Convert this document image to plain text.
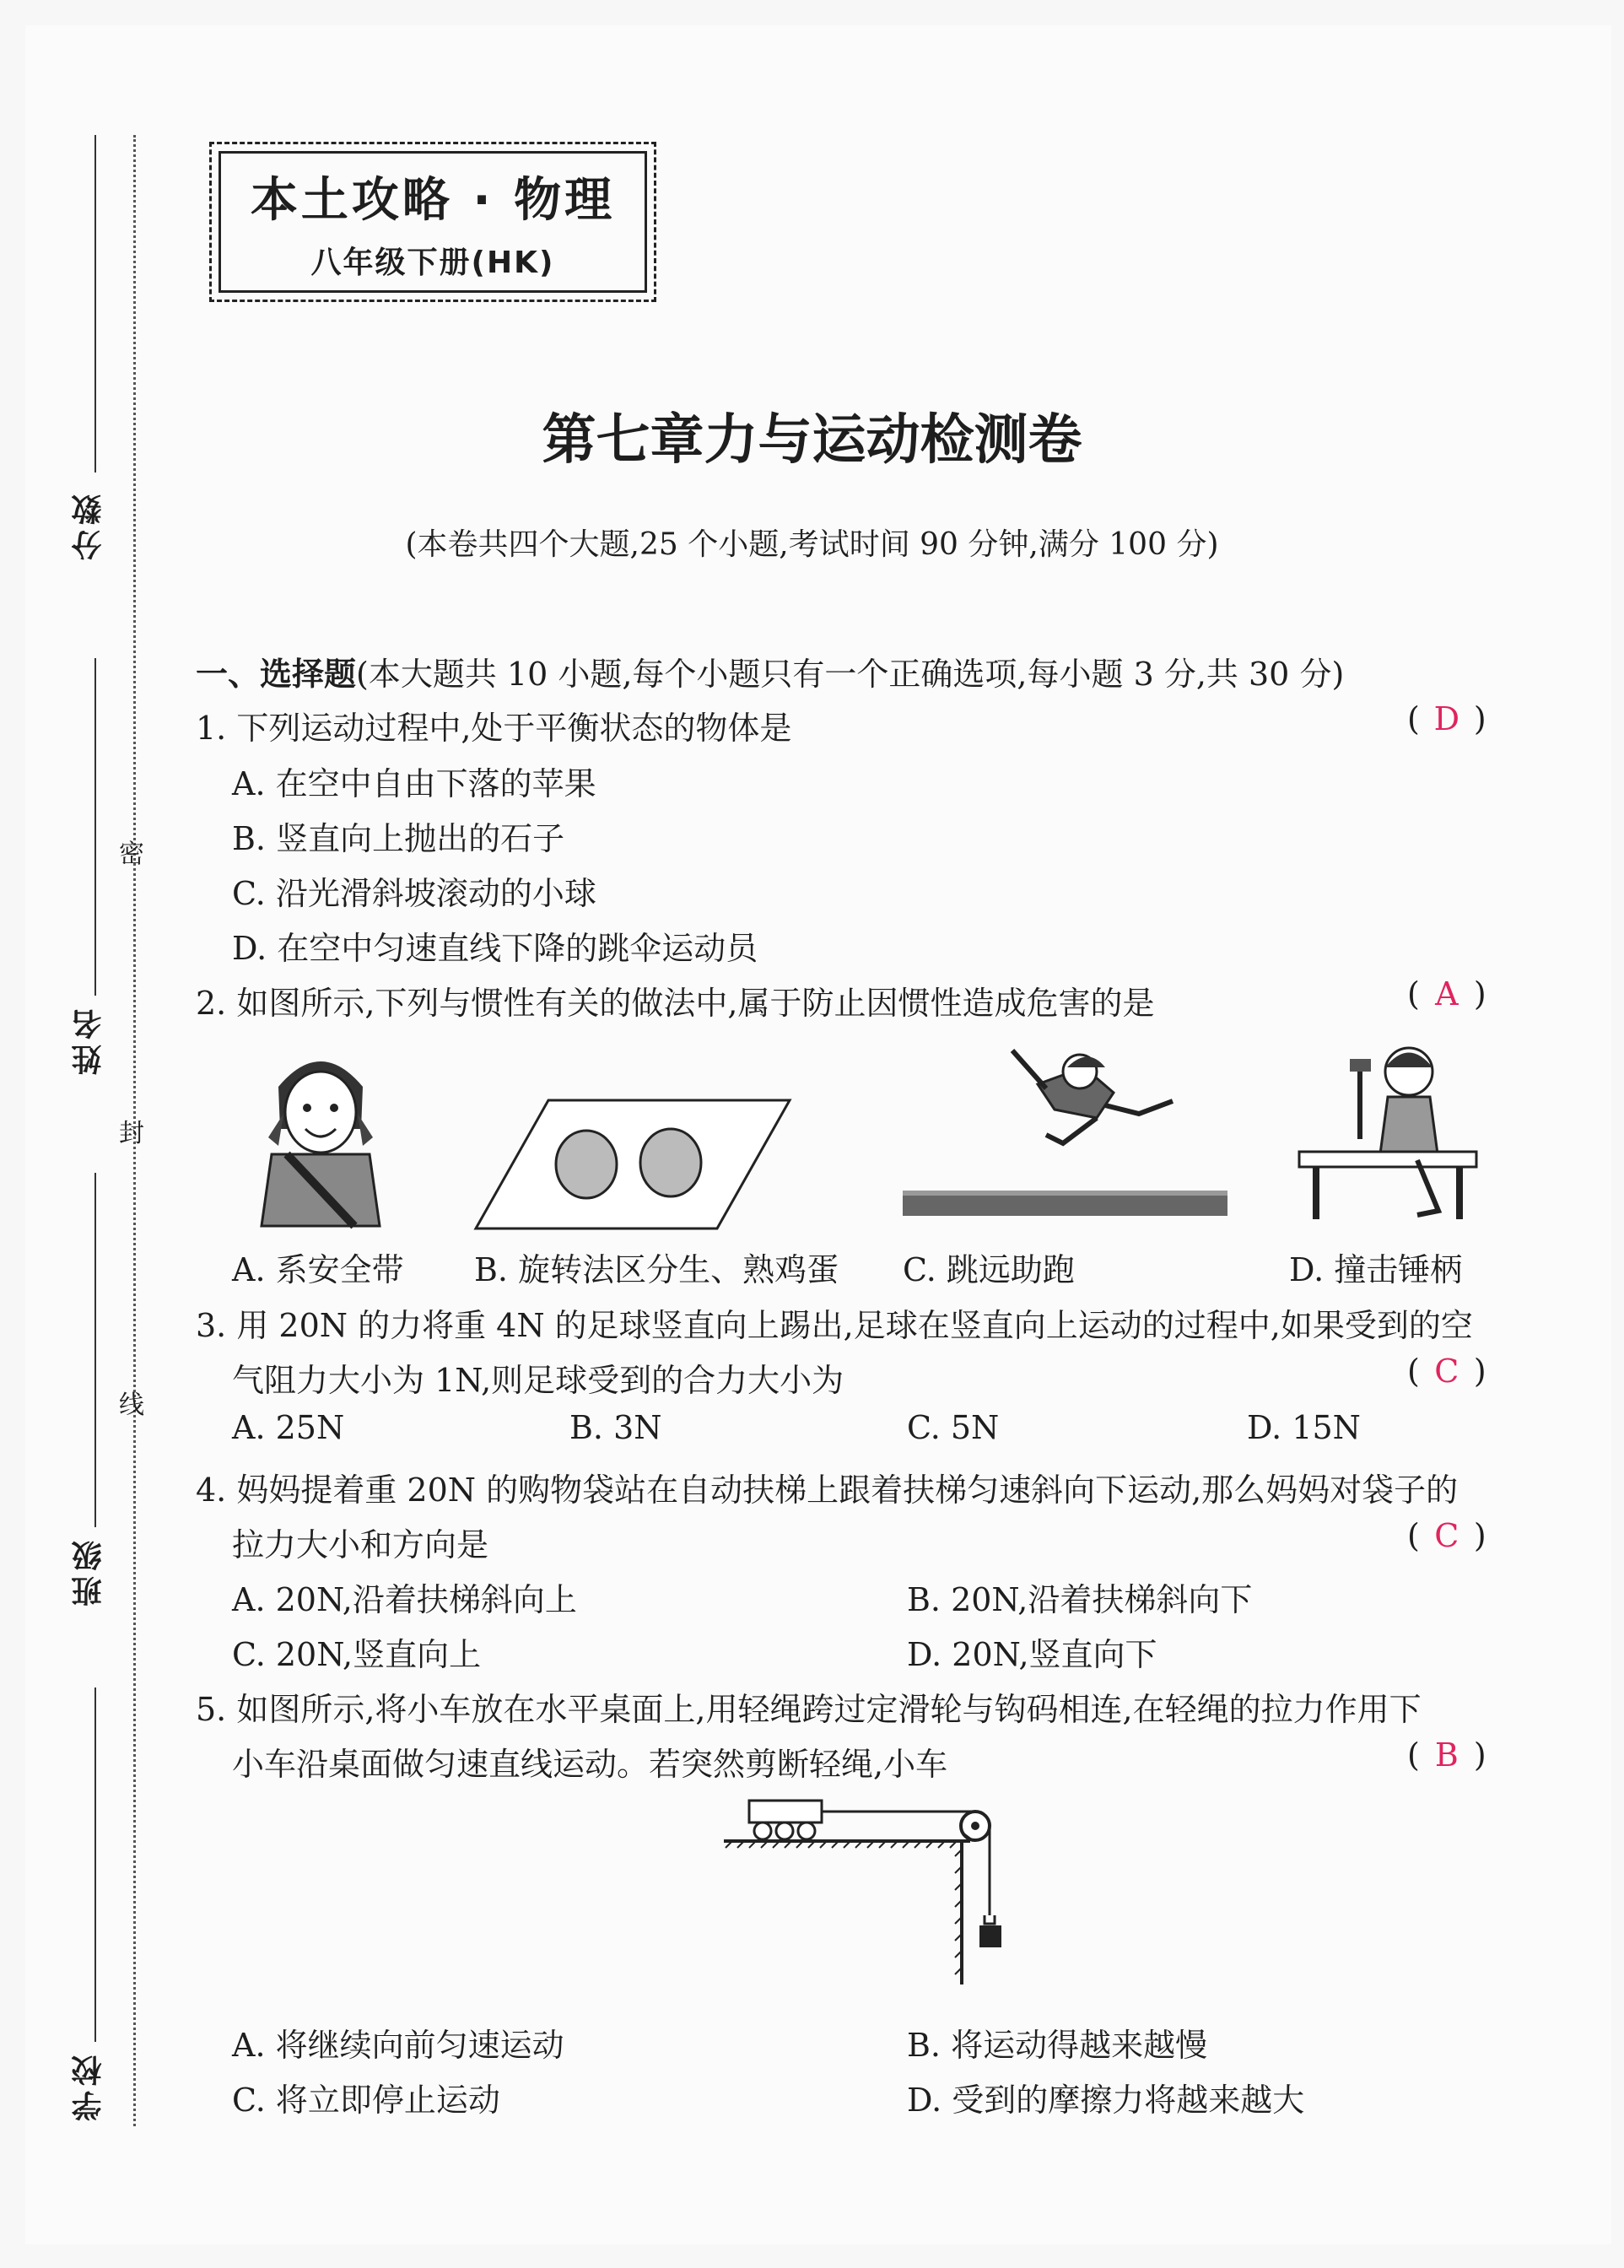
分数
姓名
班级
学校
密
封
线
本土攻略 · 物理
八年级下册(HK)
第七章力与运动检测卷
(本卷共四个大题,25 个小题,考试时间 90 分钟,满分 100 分)
一、选择题(本大题共 10 小题,每个小题只有一个正确选项,每小题 3 分,共 30 分)
1. 下列运动过程中,处于平衡状态的物体是	( D )
A. 在空中自由下落的苹果
B. 竖直向上抛出的石子
C. 沿光滑斜坡滚动的小球
D. 在空中匀速直线下降的跳伞运动员
2. 如图所示,下列与惯性有关的做法中,属于防止因惯性造成危害的是	( A )
A. 系安全带 B. 旋转法区分生、熟鸡蛋 C. 跳远助跑	D. 撞击锤柄
3. 用 20N 的力将重 4N 的足球竖直向上踢出,足球在竖直向上运动的过程中,如果受到的空
气阻力大小为 1N,则足球受到的合力大小为	( C )
A. 25N	B. 3N	C. 5N	D. 15N
4. 妈妈提着重 20N 的购物袋站在自动扶梯上跟着扶梯匀速斜向下运动,那么妈妈对袋子的
拉力大小和方向是	( C )
A. 20N,沿着扶梯斜向上	B. 20N,沿着扶梯斜向下
C. 20N,竖直向上	D. 20N,竖直向下
5. 如图所示,将小车放在水平桌面上,用轻绳跨过定滑轮与钩码相连,在轻绳的拉力作用下
小车沿桌面做匀速直线运动。若突然剪断轻绳,小车	( B )
A. 将继续向前匀速运动	B. 将运动得越来越慢
C. 将立即停止运动	D. 受到的摩擦力将越来越大
